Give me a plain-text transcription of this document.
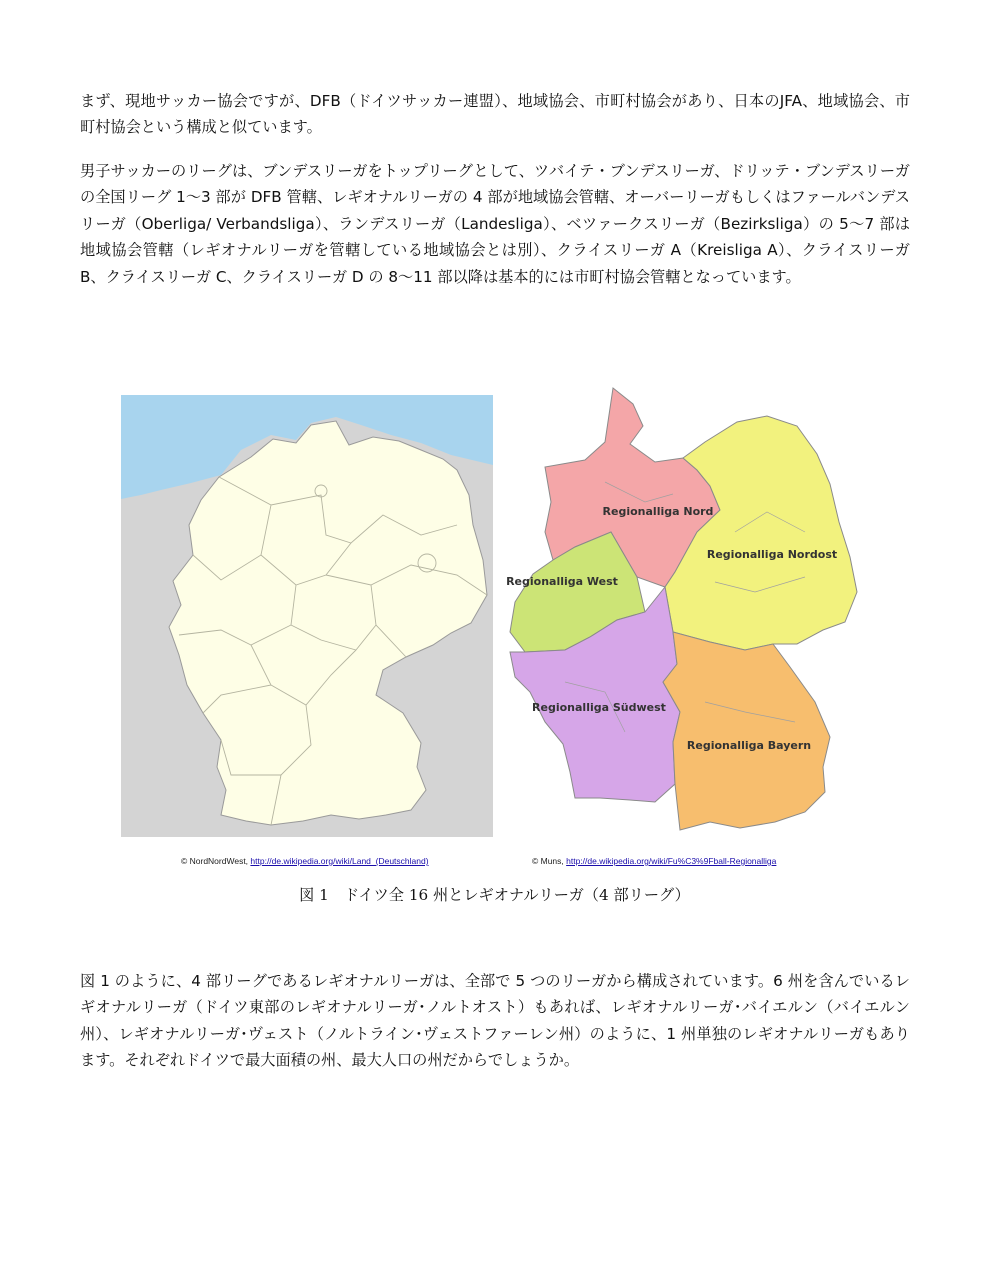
まず、現地サッカー協会ですが、DFB（ドイツサッカー連盟）、地域協会、市町村協会があり、日本のJFA、地域協会、市町村協会という構成と似ています。

男子サッカーのリーグは、ブンデスリーガをトップリーグとして、ツバイテ・ブンデスリーガ、ドリッテ・ブンデスリーガの全国リーグ 1〜3 部が DFB 管轄、レギオナルリーガの 4 部が地域協会管轄、オーバーリーガもしくはファールバンデスリーガ（Oberliga/ Verbandsliga）、ランデスリーガ（Landesliga）、ベツァークスリーガ（Bezirksliga）の 5〜7 部は地域協会管轄（レギオナルリーガを管轄している地域協会とは別）、クライスリーガ A（Kreisliga A）、クライスリーガ B、クライスリーガ C、クライスリーガ D の 8〜11 部以降は基本的には市町村協会管轄となっています。

Regionalliga Nord
Regionalliga Nordost
Regionalliga West
Regionalliga Südwest
Regionalliga Bayern
© NordNordWest, http://de.wikipedia.org/wiki/Land_(Deutschland)	© Muns, http://de.wikipedia.org/wiki/Fu%C3%9Fball-Regionalliga
図 1　ドイツ全 16 州とレギオナルリーガ（4 部リーグ）

図 1 のように、4 部リーグであるレギオナルリーガは、全部で 5 つのリーガから構成されています。6 州を含んでいるレギオナルリーガ（ドイツ東部のレギオナルリーガ･ノルトオスト）もあれば、レギオナルリーガ･バイエルン（バイエルン州）、レギオナルリーガ･ヴェスト（ノルトライン･ヴェストファーレン州）のように、1 州単独のレギオナルリーガもあります。それぞれドイツで最大面積の州、最大人口の州だからでしょうか。
